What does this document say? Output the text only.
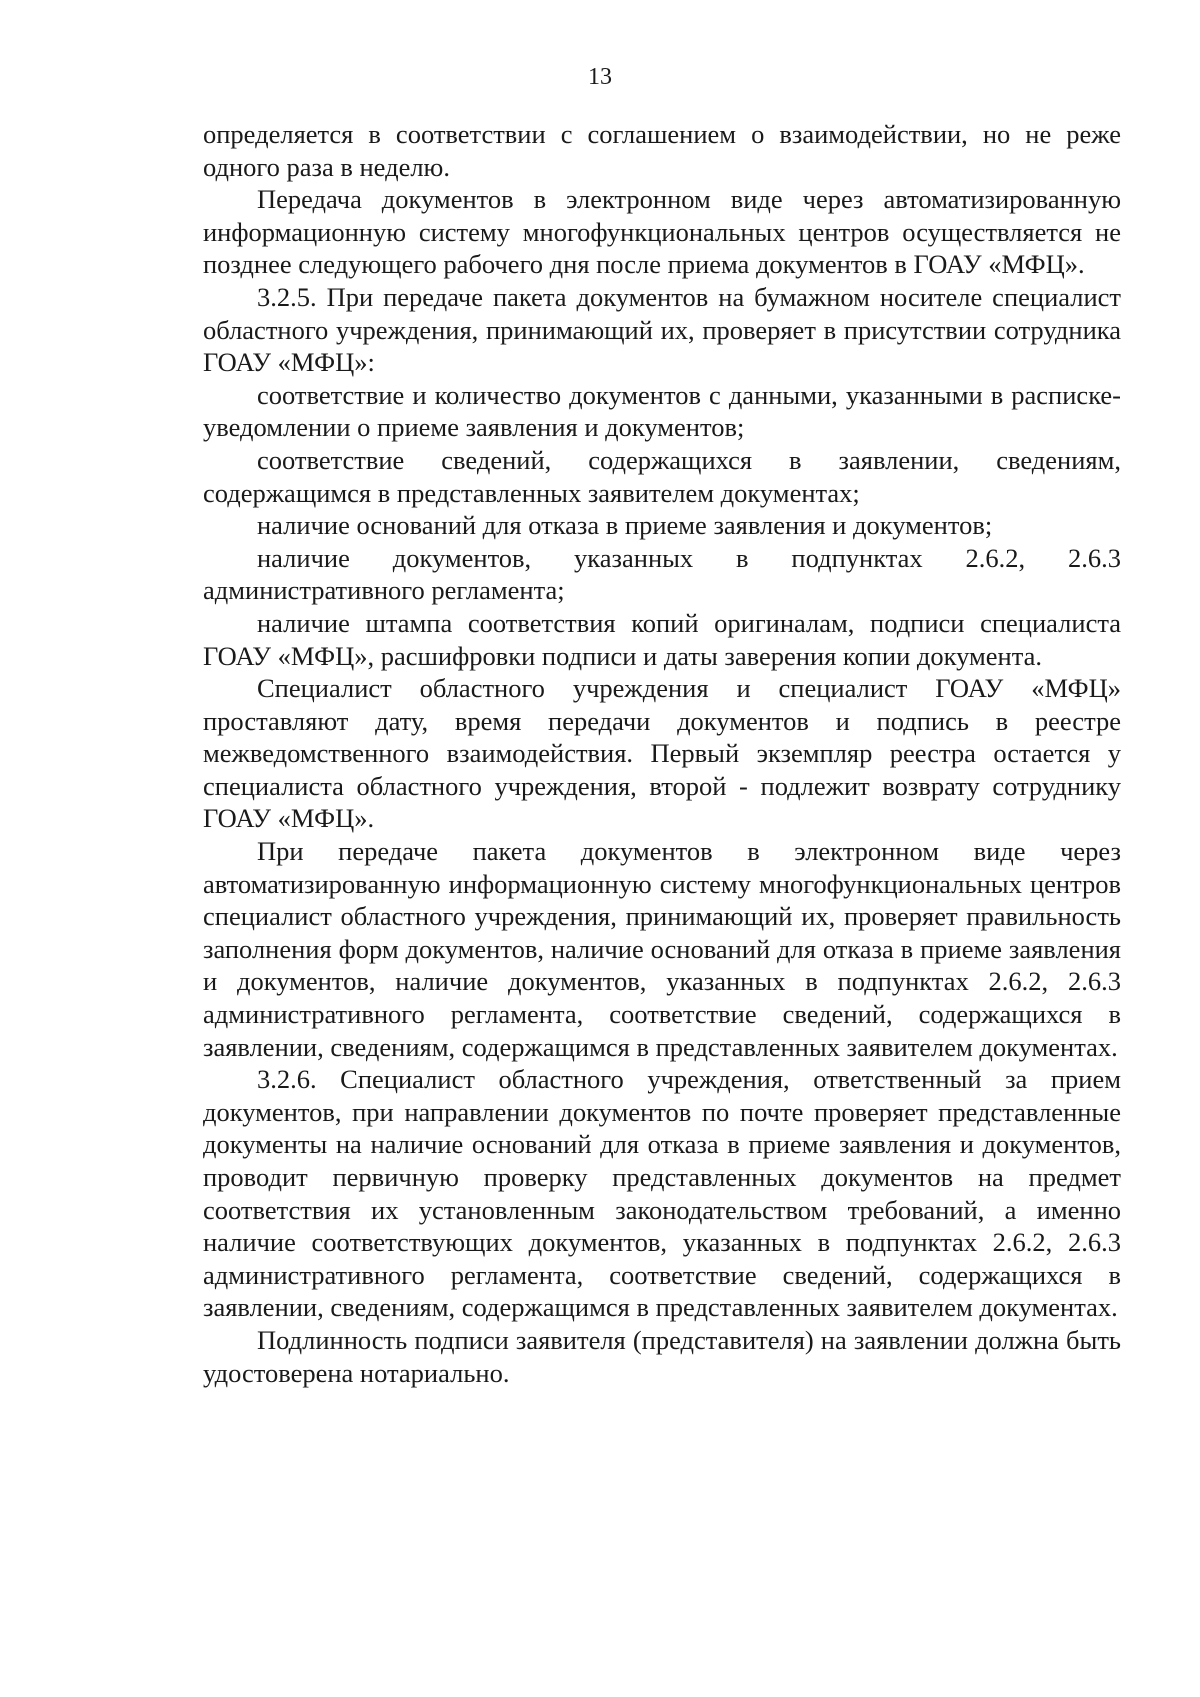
13

определяется в соответствии с соглашением о взаимодействии, но не реже одного раза в неделю.

Передача документов в электронном виде через автоматизированную информационную систему многофункциональных центров осуществляется не позднее следующего рабочего дня после приема документов в ГОАУ «МФЦ».

3.2.5. При передаче пакета документов на бумажном носителе специалист областного учреждения, принимающий их, проверяет в присутствии сотрудника ГОАУ «МФЦ»:

соответствие и количество документов с данными, указанными в расписке-уведомлении о приеме заявления и документов;

соответствие сведений, содержащихся в заявлении, сведениям, содержащимся в представленных заявителем документах;

наличие оснований для отказа в приеме заявления и документов;

наличие документов, указанных в подпунктах 2.6.2, 2.6.3 административного регламента;

наличие штампа соответствия копий оригиналам, подписи специалиста ГОАУ «МФЦ», расшифровки подписи и даты заверения копии документа.

Специалист областного учреждения и специалист ГОАУ «МФЦ» проставляют дату, время передачи документов и подпись в реестре межведомственного взаимодействия. Первый экземпляр реестра остается у специалиста областного учреждения, второй - подлежит возврату сотруднику ГОАУ «МФЦ».

При передаче пакета документов в электронном виде через автоматизированную информационную систему многофункциональных центров специалист областного учреждения, принимающий их, проверяет правильность заполнения форм документов, наличие оснований для отказа в приеме заявления и документов, наличие документов, указанных в подпунктах 2.6.2, 2.6.3 административного регламента, соответствие сведений, содержащихся в заявлении, сведениям, содержащимся в представленных заявителем документах.

3.2.6. Специалист областного учреждения, ответственный за прием документов, при направлении документов по почте проверяет представленные документы на наличие оснований для отказа в приеме заявления и документов, проводит первичную проверку представленных документов на предмет соответствия их установленным законодательством требований, а именно наличие соответствующих документов, указанных в подпунктах 2.6.2, 2.6.3 административного регламента, соответствие сведений, содержащихся в заявлении, сведениям, содержащимся в представленных заявителем документах.

Подлинность подписи заявителя (представителя) на заявлении должна быть удостоверена нотариально.
